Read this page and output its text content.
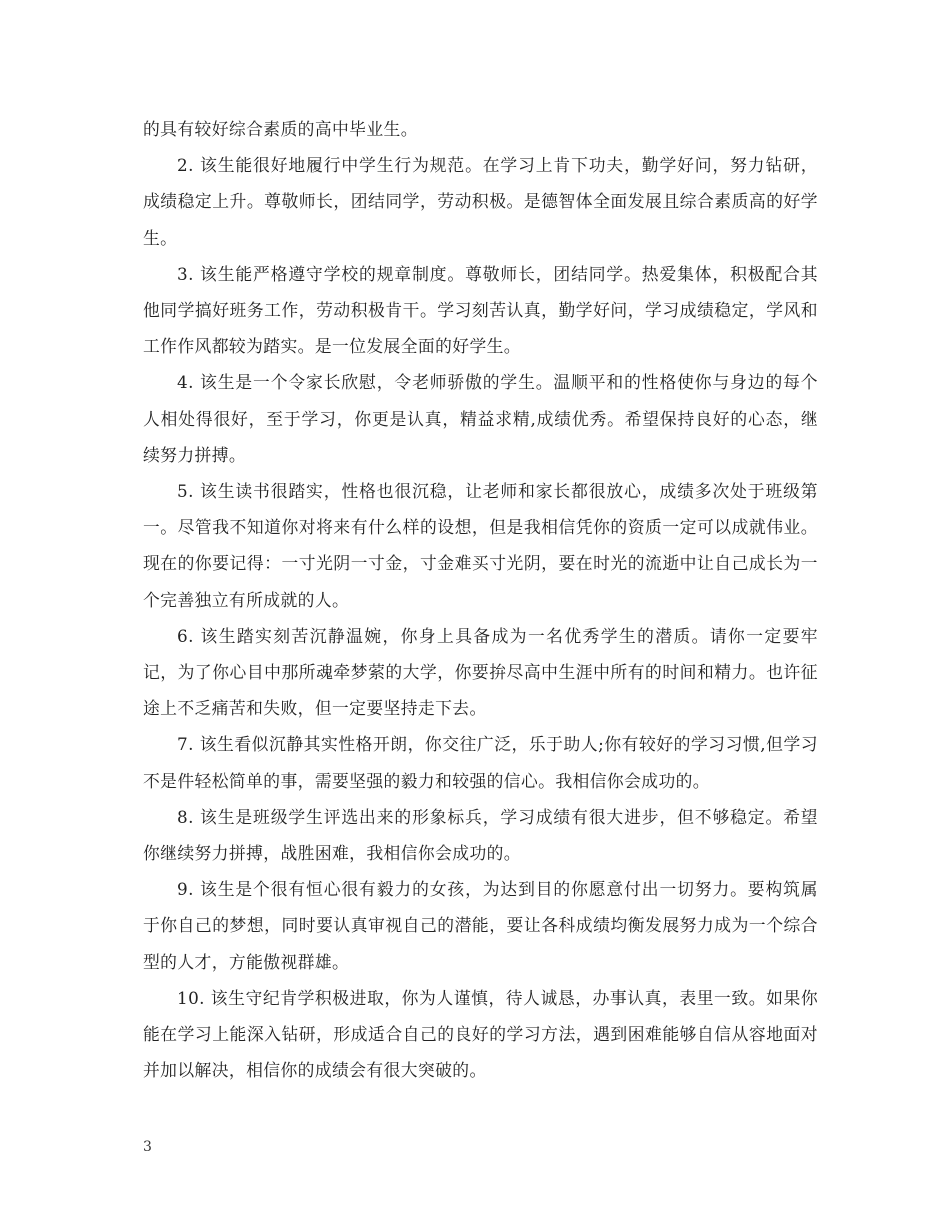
的具有较好综合素质的高中毕业生。

2. 该生能很好地履行中学生行为规范。在学习上肯下功夫，勤学好问，努力钻研，成绩稳定上升。尊敬师长，团结同学，劳动积极。是德智体全面发展且综合素质高的好学生。

3. 该生能严格遵守学校的规章制度。尊敬师长，团结同学。热爱集体，积极配合其他同学搞好班务工作，劳动积极肯干。学习刻苦认真，勤学好问，学习成绩稳定，学风和工作作风都较为踏实。是一位发展全面的好学生。

4. 该生是一个令家长欣慰，令老师骄傲的学生。温顺平和的性格使你与身边的每个人相处得很好，至于学习，你更是认真，精益求精,成绩优秀。希望保持良好的心态，继续努力拼搏。

5. 该生读书很踏实，性格也很沉稳，让老师和家长都很放心，成绩多次处于班级第一。尽管我不知道你对将来有什么样的设想，但是我相信凭你的资质一定可以成就伟业。现在的你要记得：一寸光阴一寸金，寸金难买寸光阴，要在时光的流逝中让自己成长为一个完善独立有所成就的人。

6. 该生踏实刻苦沉静温婉，你身上具备成为一名优秀学生的潜质。请你一定要牢记，为了你心目中那所魂牵梦萦的大学，你要拚尽高中生涯中所有的时间和精力。也许征途上不乏痛苦和失败，但一定要坚持走下去。

7. 该生看似沉静其实性格开朗，你交往广泛，乐于助人;你有较好的学习习惯,但学习不是件轻松简单的事，需要坚强的毅力和较强的信心。我相信你会成功的。

8. 该生是班级学生评选出来的形象标兵，学习成绩有很大进步，但不够稳定。希望你继续努力拼搏，战胜困难，我相信你会成功的。

9. 该生是个很有恒心很有毅力的女孩，为达到目的你愿意付出一切努力。要构筑属于你自己的梦想，同时要认真审视自己的潜能，要让各科成绩均衡发展努力成为一个综合型的人才，方能傲视群雄。

10. 该生守纪肯学积极进取，你为人谨慎，待人诚恳，办事认真，表里一致。如果你能在学习上能深入钻研，形成适合自己的良好的学习方法，遇到困难能够自信从容地面对并加以解决，相信你的成绩会有很大突破的。

3
